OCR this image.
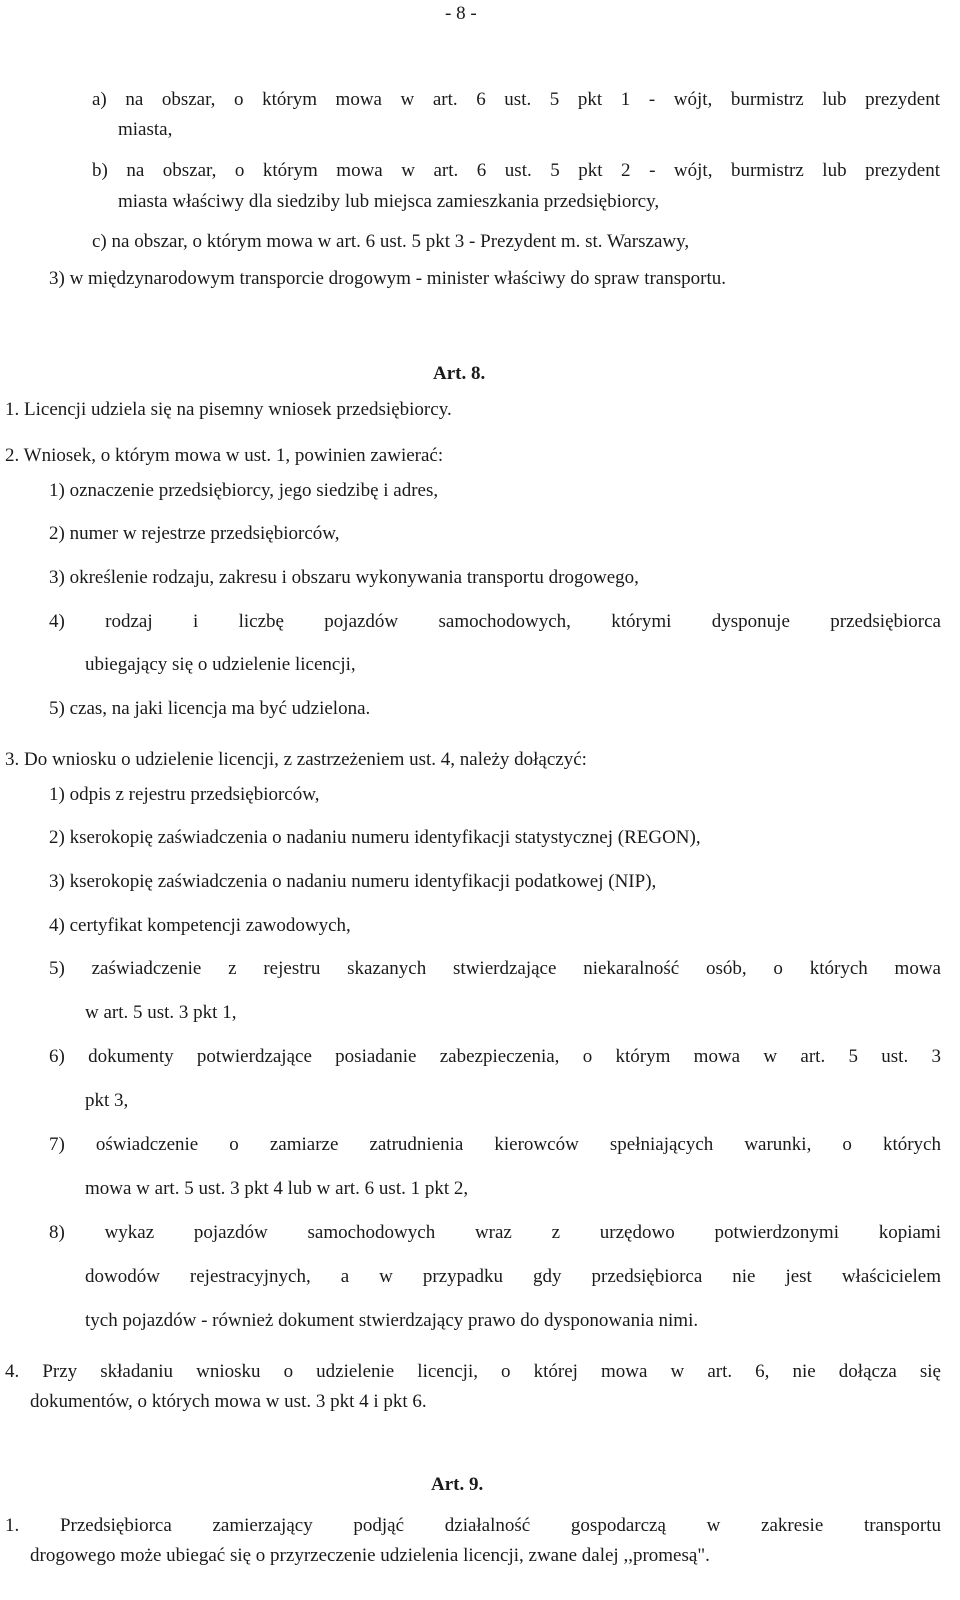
- 8 -
a) na obszar, o którym mowa w art. 6 ust. 5 pkt 1 - wójt, burmistrz lub prezydent
miasta,
b) na obszar, o którym mowa w art. 6 ust. 5 pkt 2 - wójt, burmistrz lub prezydent
miasta właściwy dla siedziby lub miejsca zamieszkania przedsiębiorcy,
c) na obszar, o którym mowa w art. 6 ust. 5 pkt 3 - Prezydent m. st. Warszawy,
3) w międzynarodowym transporcie drogowym - minister właściwy do spraw transportu.
Art. 8.
1. Licencji udziela się na pisemny wniosek przedsiębiorcy.
2. Wniosek, o którym mowa w ust. 1, powinien zawierać:
1) oznaczenie przedsiębiorcy, jego siedzibę i adres,
2) numer w rejestrze przedsiębiorców,
3) określenie rodzaju, zakresu i obszaru wykonywania transportu drogowego,
4) rodzaj i liczbę pojazdów samochodowych, którymi dysponuje przedsiębiorca
ubiegający się o udzielenie licencji,
5) czas, na jaki licencja ma być udzielona.
3. Do wniosku o udzielenie licencji, z zastrzeżeniem ust. 4, należy dołączyć:
1) odpis z rejestru przedsiębiorców,
2) kserokopię zaświadczenia o nadaniu numeru identyfikacji statystycznej (REGON),
3) kserokopię zaświadczenia o nadaniu numeru identyfikacji podatkowej (NIP),
4) certyfikat kompetencji zawodowych,
5) zaświadczenie z rejestru skazanych stwierdzające niekaralność osób, o których mowa
w art. 5 ust. 3 pkt 1,
6) dokumenty potwierdzające posiadanie zabezpieczenia, o którym mowa w art. 5 ust. 3
pkt 3,
7) oświadczenie o zamiarze zatrudnienia kierowców spełniających warunki, o których
mowa w art. 5 ust. 3 pkt 4 lub w art. 6 ust. 1 pkt 2,
8) wykaz pojazdów samochodowych wraz z urzędowo potwierdzonymi kopiami
dowodów rejestracyjnych, a w przypadku gdy przedsiębiorca nie jest właścicielem
tych pojazdów - również dokument stwierdzający prawo do dysponowania nimi.
4. Przy składaniu wniosku o udzielenie licencji, o której mowa w art. 6, nie dołącza się
dokumentów, o których mowa w ust. 3 pkt 4 i pkt 6.
Art. 9.
1. Przedsiębiorca zamierzający podjąć działalność gospodarczą w zakresie transportu
drogowego może ubiegać się o przyrzeczenie udzielenia licencji, zwane dalej ,,promesą".
